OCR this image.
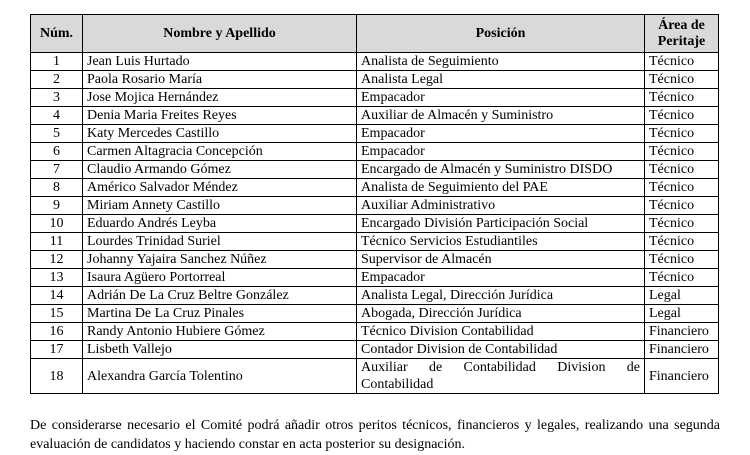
Núm.	Nombre y Apellido	Posición	Área de Peritaje
1	Jean Luis Hurtado	Analista de Seguimiento	Técnico
2	Paola Rosario María	Analista Legal	Técnico
3	Jose Mojica Hernández	Empacador	Técnico
4	Denia Maria Freites Reyes	Auxiliar de Almacén y Suministro	Técnico
5	Katy Mercedes Castillo	Empacador	Técnico
6	Carmen Altagracia Concepción	Empacador	Técnico
7	Claudio Armando Gómez	Encargado de Almacén y Suministro DISDO	Técnico
8	Américo Salvador Méndez	Analista de Seguimiento del PAE	Técnico
9	Miriam Annety Castillo	Auxiliar Administrativo	Técnico
10	Eduardo Andrés Leyba	Encargado División Participación Social	Técnico
11	Lourdes Trinidad Suriel	Técnico Servicios Estudiantiles	Técnico
12	Johanny Yajaira Sanchez Núñez	Supervisor de Almacén	Técnico
13	Isaura Agüero Portorreal	Empacador	Técnico
14	Adrián De La Cruz Beltre González	Analista Legal, Dirección Jurídica	Legal
15	Martina De La Cruz Pinales	Abogada, Dirección Jurídica	Legal
16	Randy Antonio Hubiere Gómez	Técnico Division Contabilidad	Financiero
17	Lisbeth Vallejo	Contador Division de Contabilidad	Financiero
18	Alexandra García Tolentino	Auxiliar de Contabilidad Division de Contabilidad	Financiero

De considerarse necesario el Comité podrá añadir otros peritos técnicos, financieros y legales, realizando una segunda evaluación de candidatos y haciendo constar en acta posterior su designación.
